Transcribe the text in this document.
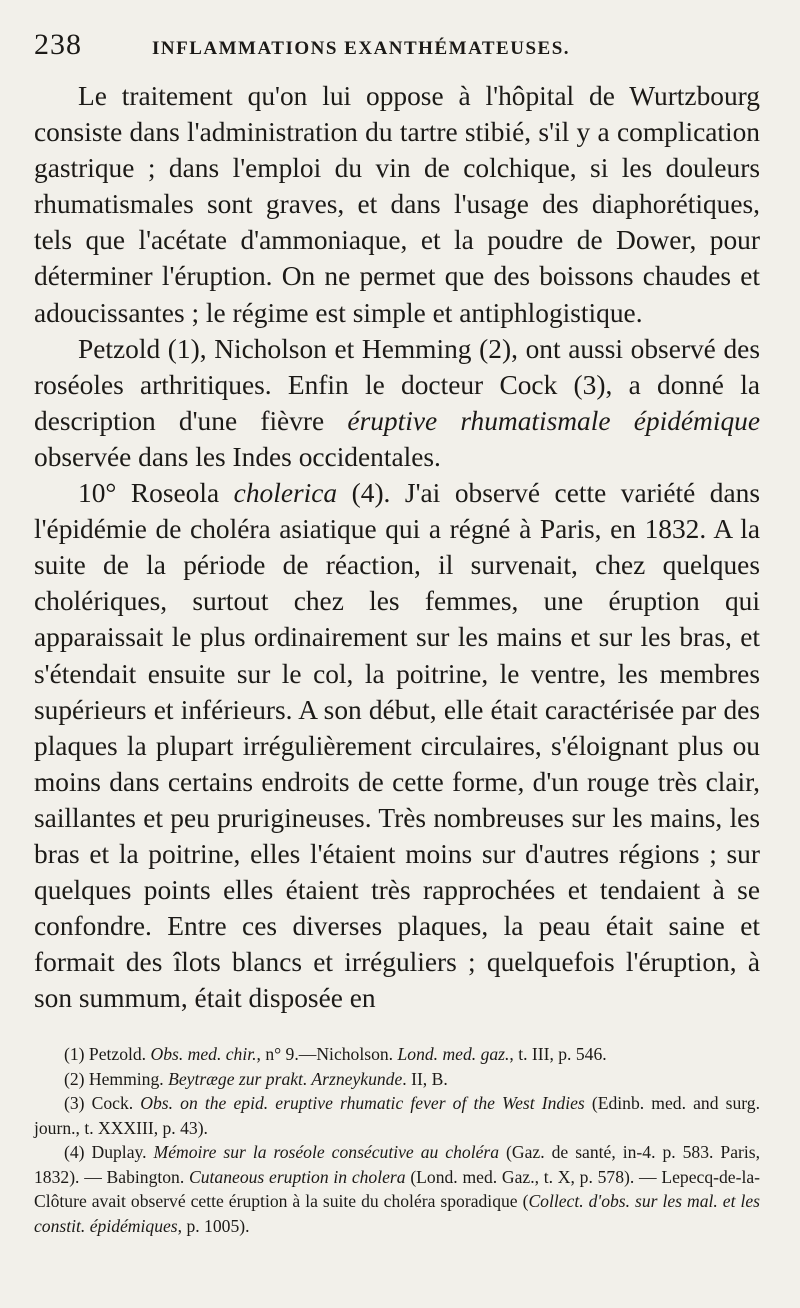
238	INFLAMMATIONS EXANTHÉMATEUSES.

Le traitement qu'on lui oppose à l'hôpital de Wurtzbourg consiste dans l'administration du tartre stibié, s'il y a complication gastrique ; dans l'emploi du vin de colchique, si les douleurs rhumatismales sont graves, et dans l'usage des diaphorétiques, tels que l'acétate d'ammoniaque, et la poudre de Dower, pour déterminer l'éruption. On ne permet que des boissons chaudes et adoucissantes ; le régime est simple et antiphlogistique.

Petzold (1), Nicholson et Hemming (2), ont aussi observé des roséoles arthritiques. Enfin le docteur Cock (3), a donné la description d'une fièvre éruptive rhumatismale épidémique observée dans les Indes occidentales.

10° Roseola cholerica (4). J'ai observé cette variété dans l'épidémie de choléra asiatique qui a régné à Paris, en 1832. A la suite de la période de réaction, il survenait, chez quelques cholériques, surtout chez les femmes, une éruption qui apparaissait le plus ordinairement sur les mains et sur les bras, et s'étendait ensuite sur le col, la poitrine, le ventre, les membres supérieurs et inférieurs. A son début, elle était caractérisée par des plaques la plupart irrégulièrement circulaires, s'éloignant plus ou moins dans certains endroits de cette forme, d'un rouge très clair, saillantes et peu prurigineuses. Très nombreuses sur les mains, les bras et la poitrine, elles l'étaient moins sur d'autres régions ; sur quelques points elles étaient très rapprochées et tendaient à se confondre. Entre ces diverses plaques, la peau était saine et formait des îlots blancs et irréguliers ; quelquefois l'éruption, à son summum, était disposée en

(1) Petzold. Obs. med. chir., n° 9.—Nicholson. Lond. med. gaz., t. III, p. 546.

(2) Hemming. Beytræge zur prakt. Arzneykunde. II, B.

(3) Cock. Obs. on the epid. eruptive rhumatic fever of the West Indies (Edinb. med. and surg. journ., t. XXXIII, p. 43).

(4) Duplay. Mémoire sur la roséole consécutive au choléra (Gaz. de santé, in-4. p. 583. Paris, 1832). — Babington. Cutaneous eruption in cholera (Lond. med. Gaz., t. X, p. 578). — Lepecq-de-la-Clôture avait observé cette éruption à la suite du choléra sporadique (Collect. d'obs. sur les mal. et les constit. épidémiques, p. 1005).
